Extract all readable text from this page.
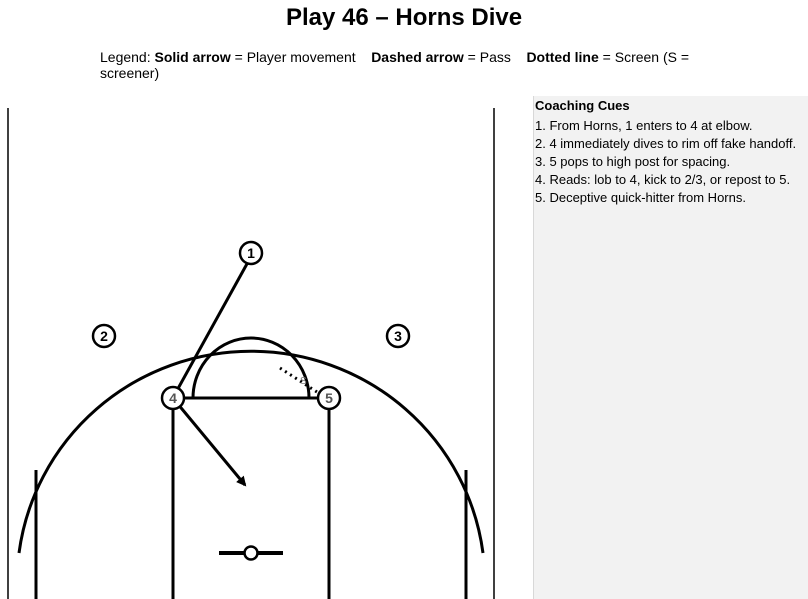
Play 46 – Horns Dive
Legend: Solid arrow = Player movement Dashed arrow = Pass Dotted line = Screen (S = screener)
S
1
2	3
4	5
Coaching Cues
1. From Horns, 1 enters to 4 at elbow.
2. 4 immediately dives to rim off fake handoff.
3. 5 pops to high post for spacing.
4. Reads: lob to 4, kick to 2/3, or repost to 5.
5. Deceptive quick-hitter from Horns.
